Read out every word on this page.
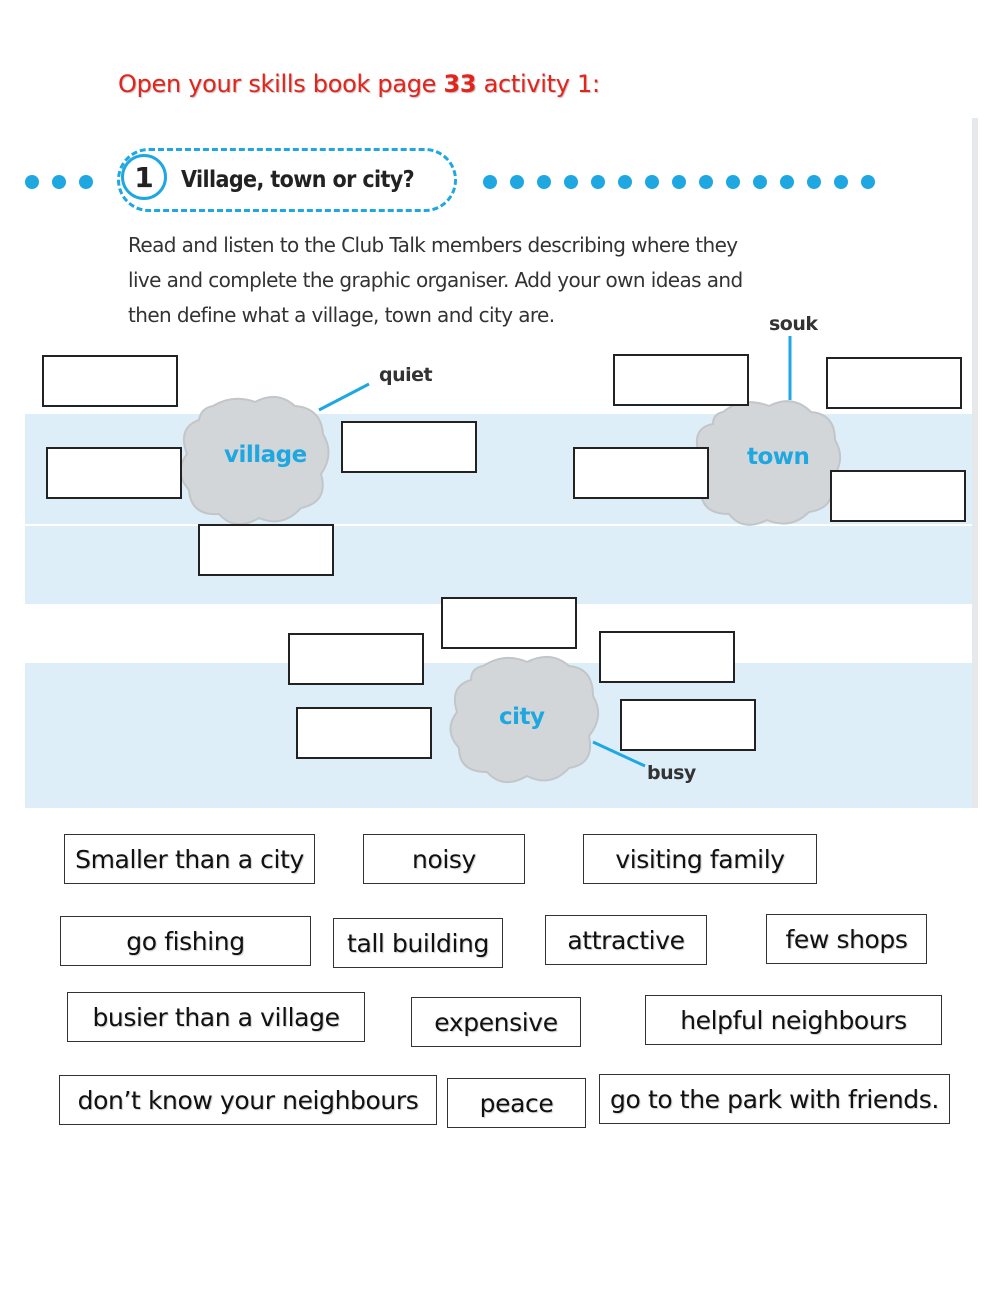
Open your skills book page 33 activity 1:
1	Village, town or city?
Read and listen to the Club Talk members describing where they live and complete the graphic organiser. Add your own ideas and then define what a village, town and city are.
village
quiet
town
souk
city
busy
Smaller than a city	noisy	visiting family
go fishing	tall building	attractive	few shops
busier than a village	expensive	helpful neighbours
don’t know your neighbours	peace	go to the park with friends.
